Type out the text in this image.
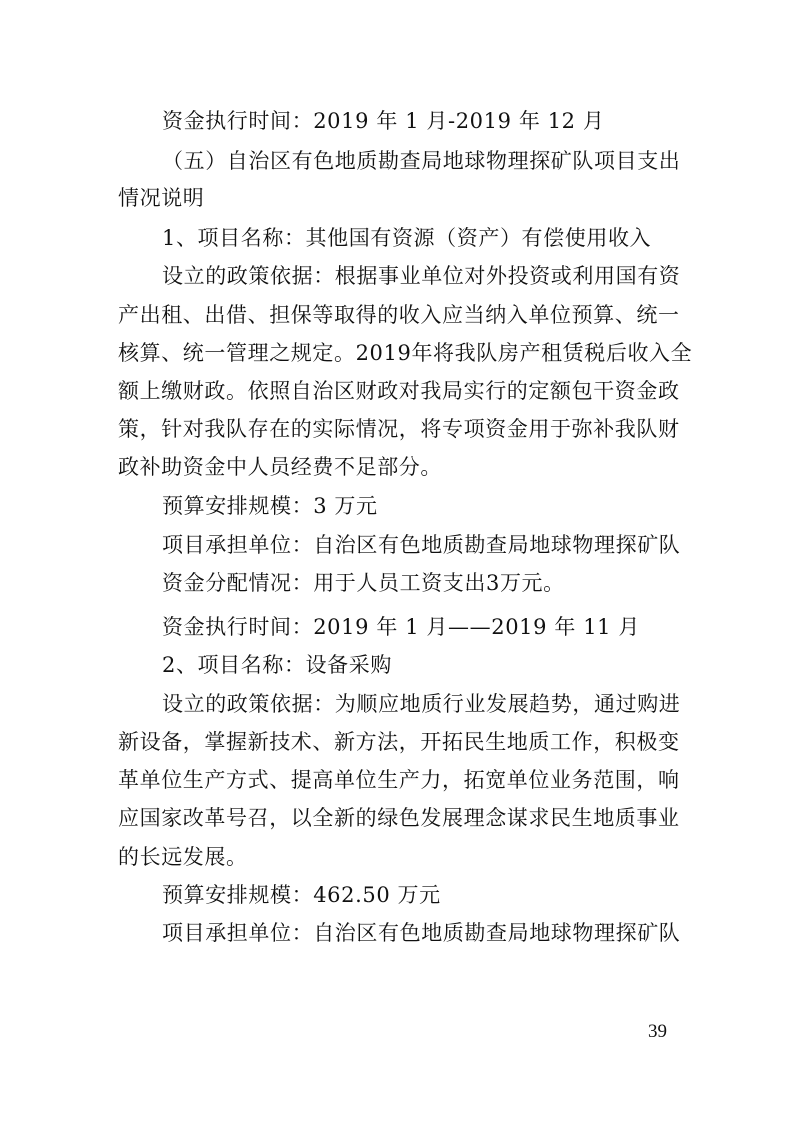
资金执行时间：2019 年 1 月-2019 年 12 月
（五）自治区有色地质勘查局地球物理探矿队项目支出
情况说明
1、项目名称：其他国有资源（资产）有偿使用收入
设立的政策依据：根据事业单位对外投资或利用国有资
产出租、出借、担保等取得的收入应当纳入单位预算、统一
核算、统一管理之规定。2019年将我队房产租赁税后收入全
额上缴财政。依照自治区财政对我局实行的定额包干资金政
策，针对我队存在的实际情况，将专项资金用于弥补我队财
政补助资金中人员经费不足部分。
预算安排规模：3 万元
项目承担单位：自治区有色地质勘查局地球物理探矿队
资金分配情况：用于人员工资支出3万元。
资金执行时间：2019 年 1 月——2019 年 11 月
2、项目名称：设备采购
设立的政策依据：为顺应地质行业发展趋势，通过购进
新设备，掌握新技术、新方法，开拓民生地质工作，积极变
革单位生产方式、提高单位生产力，拓宽单位业务范围，响
应国家改革号召，以全新的绿色发展理念谋求民生地质事业
的长远发展。
预算安排规模：462.50 万元
项目承担单位：自治区有色地质勘查局地球物理探矿队
39
